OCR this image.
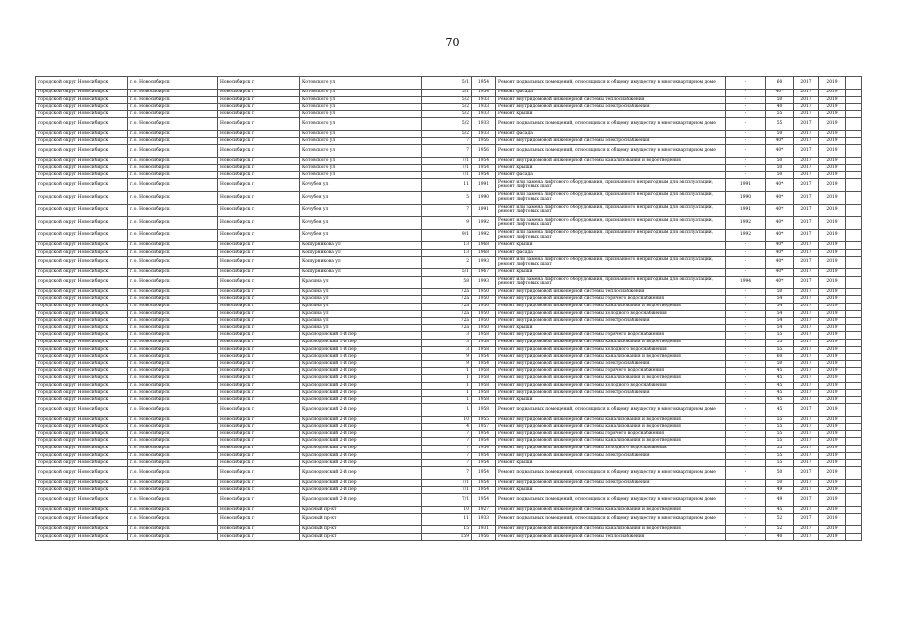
70
городской округ Новосибирск	г.о. Новосибирск	Новосибирск г	Котовского ул	5/1	1954	Ремонт подвальных помещений, относящихся к общему имуществу в многоквартирном доме	-	60	2017	2019	
городской округ Новосибирск	г.о. Новосибирск	Новосибирск г	Котовского ул	5/1	1954	Ремонт фасада	-	40*	2017	2019	
городской округ Новосибирск	г.о. Новосибирск	Новосибирск г	Котовского ул	5/2	1933	Ремонт внутридомовой инженерной системы теплоснабжения	-	50	2017	2019	
городской округ Новосибирск	г.о. Новосибирск	Новосибирск г	Котовского ул	5/2	1933	Ремонт внутридомовой инженерной системы электроснабжения	-	40	2017	2019	
городской округ Новосибирск	г.о. Новосибирск	Новосибирск г	Котовского ул	5/2	1933	Ремонт крыши	-	55	2017	2019	
городской округ Новосибирск	г.о. Новосибирск	Новосибирск г	Котовского ул	5/2	1933	Ремонт подвальных помещений, относящихся к общему имуществу в многоквартирном доме	-	55	2017	2019	
городской округ Новосибирск	г.о. Новосибирск	Новосибирск г	Котовского ул	5/2	1933	Ремонт фасада	-	50	2017	2019	
городской округ Новосибирск	г.о. Новосибирск	Новосибирск г	Котовского ул	7	1956	Ремонт внутридомовой инженерной системы электроснабжения	-	40*	2017	2019	
городской округ Новосибирск	г.о. Новосибирск	Новосибирск г	Котовского ул	7	1956	Ремонт подвальных помещений, относящихся к общему имуществу в многоквартирном доме	-	40*	2017	2019	
городской округ Новосибирск	г.о. Новосибирск	Новосибирск г	Котовского ул	7/1	1954	Ремонт внутридомовой инженерной системы канализования и водоотведения	-	50	2017	2019	
городской округ Новосибирск	г.о. Новосибирск	Новосибирск г	Котовского ул	7/1	1954	Ремонт крыши	-	50	2017	2019	
городской округ Новосибирск	г.о. Новосибирск	Новосибирск г	Котовского ул	7/1	1954	Ремонт фасада	-	50	2017	2019	
городской округ Новосибирск	г.о. Новосибирск	Новосибирск г	Кочубея ул	11	1991	Ремонт или замена лифтового оборудования, признанного непригодным для эксплуатации, ремонт лифтовых шахт	1991	40*	2017	2019	
городской округ Новосибирск	г.о. Новосибирск	Новосибирск г	Кочубея ул	5	1990	Ремонт или замена лифтового оборудования, признанного непригодным для эксплуатации, ремонт лифтовых шахт	1990	40*	2017	2019	
городской округ Новосибирск	г.о. Новосибирск	Новосибирск г	Кочубея ул	7	1991	Ремонт или замена лифтового оборудования, признанного непригодным для эксплуатации, ремонт лифтовых шахт	1991	40*	2017	2019	
городской округ Новосибирск	г.о. Новосибирск	Новосибирск г	Кочубея ул	9	1992	Ремонт или замена лифтового оборудования, признанного непригодным для эксплуатации, ремонт лифтовых шахт	1992	40*	2017	2019	
городской округ Новосибирск	г.о. Новосибирск	Новосибирск г	Кочубея ул	9/1	1992	Ремонт или замена лифтового оборудования, признанного непригодным для эксплуатации, ремонт лифтовых шахт	1992	40*	2017	2019	
городской округ Новосибирск	г.о. Новосибирск	Новосибирск г	Кошурникова ул	13	1968	Ремонт крыши	-	40*	2017	2019	
городской округ Новосибирск	г.о. Новосибирск	Новосибирск г	Кошурникова ул	13	1968	Ремонт фасада	-	40*	2017	2019	
городской округ Новосибирск	г.о. Новосибирск	Новосибирск г	Кошурникова ул	2	1993	Ремонт или замена лифтового оборудования, признанного непригодным для эксплуатации, ремонт лифтовых шахт	-	40*	2017	2019	
городской округ Новосибирск	г.о. Новосибирск	Новосибирск г	Кошурникова ул	5/1	1967	Ремонт крыши	-	40*	2017	2019	
городской округ Новосибирск	г.о. Новосибирск	Новосибирск г	Красина ул	58	1993	Ремонт или замена лифтового оборудования, признанного непригодным для эксплуатации, ремонт лифтовых шахт	1994	40*	2017	2019	
городской округ Новосибирск	г.о. Новосибирск	Новосибирск г	Красина ул	72а	1950	Ремонт внутридомовой инженерной системы теплоснабжения	-	50	2017	2019	
городской округ Новосибирск	г.о. Новосибирск	Новосибирск г	Красина ул	72а	1950	Ремонт внутридомовой инженерной системы горячего водоснабжения	-	54	2017	2019	
городской округ Новосибирск	г.о. Новосибирск	Новосибирск г	Красина ул	72а	1950	Ремонт внутридомовой инженерной системы канализования и водоотведения	-	54	2017	2019	
городской округ Новосибирск	г.о. Новосибирск	Новосибирск г	Красина ул	72а	1950	Ремонт внутридомовой инженерной системы холодного водоснабжения	-	54	2017	2019	
городской округ Новосибирск	г.о. Новосибирск	Новосибирск г	Красина ул	72а	1950	Ремонт внутридомовой инженерной системы электроснабжения	-	54	2017	2019	
городской округ Новосибирск	г.о. Новосибирск	Новосибирск г	Красина ул	72а	1950	Ремонт крыши	-	54	2017	2019	
городской округ Новосибирск	г.о. Новосибирск	Новосибирск г	Краснодонский 1-й пер	3	1958	Ремонт внутридомовой инженерной системы горячего водоснабжения	-	55	2017	2019	
городской округ Новосибирск	г.о. Новосибирск	Новосибирск г	Краснодонский 1-й пер	3	1958	Ремонт внутридомовой инженерной системы канализования и водоотведения	-	55	2017	2019	
городской округ Новосибирск	г.о. Новосибирск	Новосибирск г	Краснодонский 1-й пер	3	1958	Ремонт внутридомовой инженерной системы холодного водоснабжения	-	55	2017	2019	
городской округ Новосибирск	г.о. Новосибирск	Новосибирск г	Краснодонский 1-й пер	9	1954	Ремонт внутридомовой инженерной системы канализования и водоотведения	-	60	2017	2019	
городской округ Новосибирск	г.о. Новосибирск	Новосибирск г	Краснодонский 1-й пер	9	1954	Ремонт внутридомовой инженерной системы электроснабжения	-	50	2017	2019	
городской округ Новосибирск	г.о. Новосибирск	Новосибирск г	Краснодонский 2-й пер	1	1958	Ремонт внутридомовой инженерной системы горячего водоснабжения	-	45	2017	2019	
городской округ Новосибирск	г.о. Новосибирск	Новосибирск г	Краснодонский 2-й пер	1	1958	Ремонт внутридомовой инженерной системы канализования и водоотведения	-	45	2017	2019	
городской округ Новосибирск	г.о. Новосибирск	Новосибирск г	Краснодонский 2-й пер	1	1958	Ремонт внутридомовой инженерной системы холодного водоснабжения	-	45	2017	2019	
городской округ Новосибирск	г.о. Новосибирск	Новосибирск г	Краснодонский 2-й пер	1	1958	Ремонт внутридомовой инженерной системы электроснабжения	-	45	2017	2019	
городской округ Новосибирск	г.о. Новосибирск	Новосибирск г	Краснодонский 2-й пер	1	1958	Ремонт крыши	-	45	2017	2019	
городской округ Новосибирск	г.о. Новосибирск	Новосибирск г	Краснодонский 2-й пер	1	1958	Ремонт подвальных помещений, относящихся к общему имуществу в многоквартирном доме	-	45	2017	2019	
городской округ Новосибирск	г.о. Новосибирск	Новосибирск г	Краснодонский 2-й пер	10	1955	Ремонт внутридомовой инженерной системы канализования и водоотведения	-	55	2017	2019	
городской округ Новосибирск	г.о. Новосибирск	Новосибирск г	Краснодонский 2-й пер	4	1957	Ремонт внутридомовой инженерной системы канализования и водоотведения	-	55	2017	2019	
городской округ Новосибирск	г.о. Новосибирск	Новосибирск г	Краснодонский 2-й пер	7	1954	Ремонт внутридомовой инженерной системы горячего водоснабжения	-	55	2017	2019	
городской округ Новосибирск	г.о. Новосибирск	Новосибирск г	Краснодонский 2-й пер	7	1954	Ремонт внутридомовой инженерной системы канализования и водоотведения	-	55	2017	2019	
городской округ Новосибирск	г.о. Новосибирск	Новосибирск г	Краснодонский 2-й пер	7	1954	Ремонт внутридомовой инженерной системы холодного водоснабжения	-	55	2017	2019	
городской округ Новосибирск	г.о. Новосибирск	Новосибирск г	Краснодонский 2-й пер	7	1954	Ремонт внутридомовой инженерной системы электроснабжения	-	55	2017	2019	
городской округ Новосибирск	г.о. Новосибирск	Новосибирск г	Краснодонский 2-й пер	7	1954	Ремонт крыши	-	55	2017	2019	
городской округ Новосибирск	г.о. Новосибирск	Новосибирск г	Краснодонский 2-й пер	7	1954	Ремонт подвальных помещений, относящихся к общему имуществу в многоквартирном доме	-	50	2017	2019	
городской округ Новосибирск	г.о. Новосибирск	Новосибирск г	Краснодонский 2-й пер	7/1	1954	Ремонт внутридомовой инженерной системы электроснабжения	-	50	2017	2019	
городской округ Новосибирск	г.о. Новосибирск	Новосибирск г	Краснодонский 2-й пер	7/1	1954	Ремонт крыши	-	49	2017	2019	
городской округ Новосибирск	г.о. Новосибирск	Новосибирск г	Краснодонский 2-й пер	7/1	1954	Ремонт подвальных помещений, относящихся к общему имуществу в многоквартирном доме	-	49	2017	2019	
городской округ Новосибирск	г.о. Новосибирск	Новосибирск г	Красный пр-кт	10	1927	Ремонт внутридомовой инженерной системы канализования и водоотведения	-	45	2017	2019	
городской округ Новосибирск	г.о. Новосибирск	Новосибирск г	Красный пр-кт	11	1933	Ремонт подвальных помещений, относящихся к общему имуществу в многоквартирном доме	-	52	2017	2019	
городской округ Новосибирск	г.о. Новосибирск	Новосибирск г	Красный пр-кт	15	1931	Ремонт внутридомовой инженерной системы канализования и водоотведения	-	52	2017	2019	
городской округ Новосибирск	г.о. Новосибирск	Новосибирск г	Красный пр-кт	159	1956	Ремонт внутридомовой инженерной системы теплоснабжения	-	40	2017	2019	
